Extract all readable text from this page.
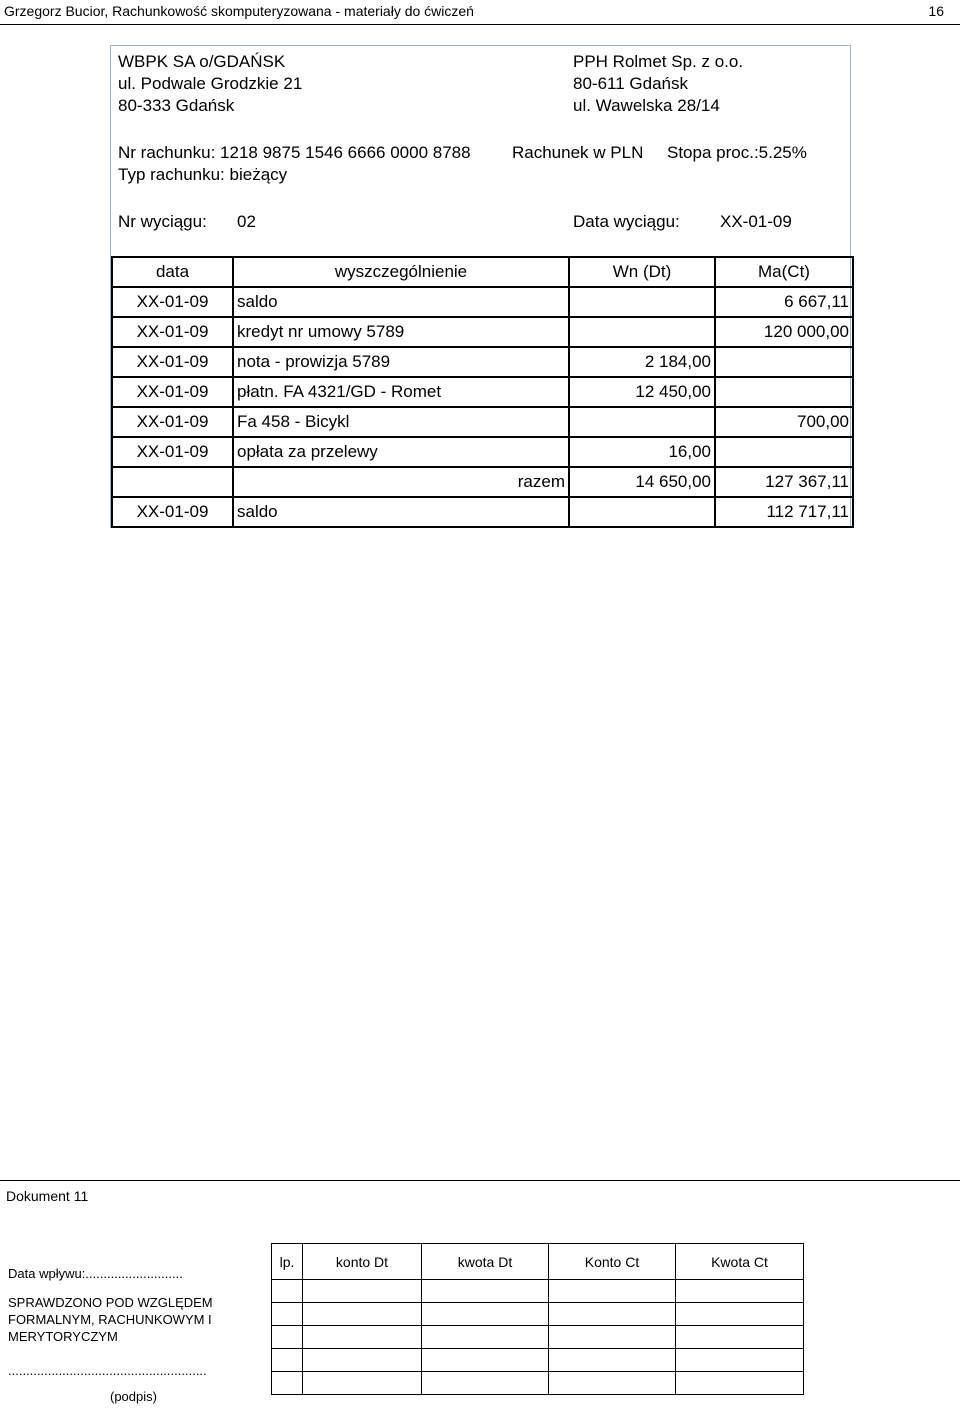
Grzegorz Bucior, Rachunkowość skomputeryzowana - materiały do ćwiczeń	16
WBPK SA o/GDAŃSK
ul. Podwale Grodzkie 21
80-333 Gdańsk
PPH Rolmet Sp. z o.o.
80-611 Gdańsk
ul. Wawelska 28/14
Nr rachunku: 1218 9875 1546 6666 0000 8788 Rachunek w PLN Stopa proc.:5.25%
Typ rachunku: bieżący
Nr wyciągu: 02	Data wyciągu: XX-01-09
data	wyszczególnienie	Wn (Dt)	Ma(Ct)
XX-01-09	saldo		6 667,11
XX-01-09	kredyt nr umowy 5789		120 000,00
XX-01-09	nota - prowizja 5789	2 184,00	
XX-01-09	płatn. FA 4321/GD - Romet	12 450,00	
XX-01-09	Fa 458 - Bicykl		700,00
XX-01-09	opłata za przelewy	16,00	
	razem	14 650,00	127 367,11
XX-01-09	saldo		112 717,11
Dokument 11
Data wpływu:...........................
SPRAWDZONO POD WZGLĘDEM
FORMALNYM, RACHUNKOWYM I
MERYTORYCZYM
.......................................................
(podpis)
lp.	konto Dt	kwota Dt	Konto Ct	Kwota Ct
